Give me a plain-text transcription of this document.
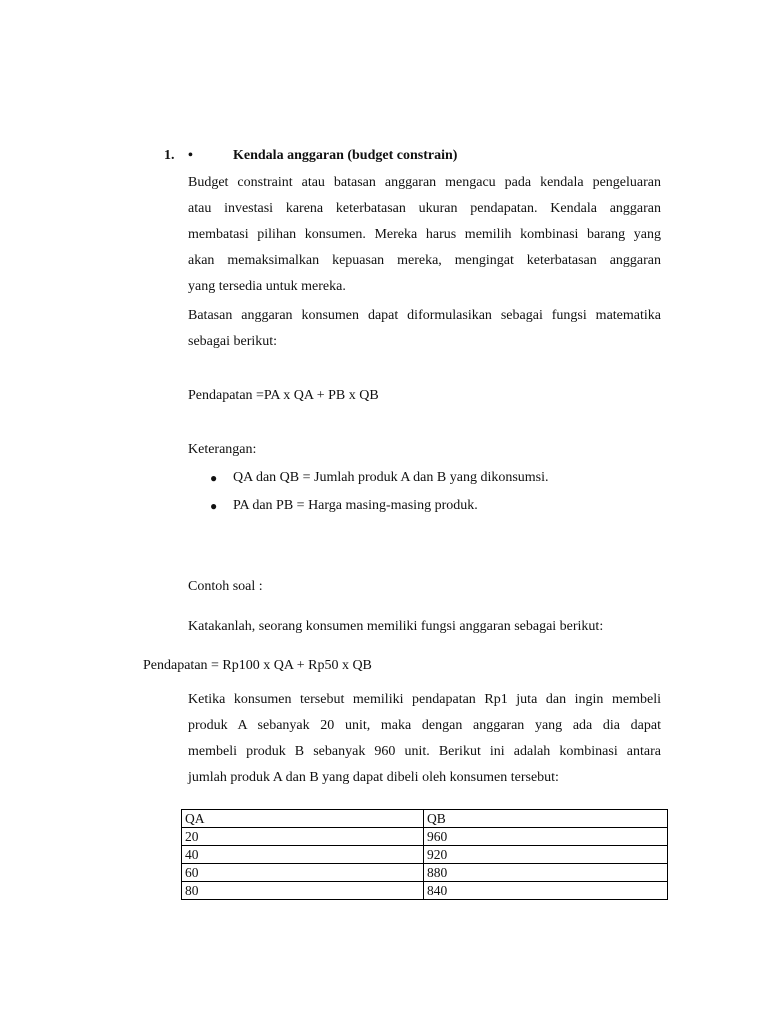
1. •	Kendala anggaran (budget constrain)
Budget constraint atau batasan anggaran mengacu pada kendala pengeluaran
atau investasi karena keterbatasan ukuran pendapatan. Kendala anggaran
membatasi pilihan konsumen. Mereka harus memilih kombinasi barang yang
akan memaksimalkan kepuasan mereka, mengingat keterbatasan anggaran
yang tersedia untuk mereka.
Batasan anggaran konsumen dapat diformulasikan sebagai fungsi matematika
sebagai berikut:
Pendapatan =PA x QA + PB x QB
Keterangan:
● QA dan QB = Jumlah produk A dan B yang dikonsumsi.
● PA dan PB = Harga masing-masing produk.
Contoh soal :
Katakanlah, seorang konsumen memiliki fungsi anggaran sebagai berikut:
Pendapatan = Rp100 x QA + Rp50 x QB
Ketika konsumen tersebut memiliki pendapatan Rp1 juta dan ingin membeli
produk A sebanyak 20 unit, maka dengan anggaran yang ada dia dapat
membeli produk B sebanyak 960 unit. Berikut ini adalah kombinasi antara
jumlah produk A dan B yang dapat dibeli oleh konsumen tersebut:
QA	QB
20	960
40	920
60	880
80	840
